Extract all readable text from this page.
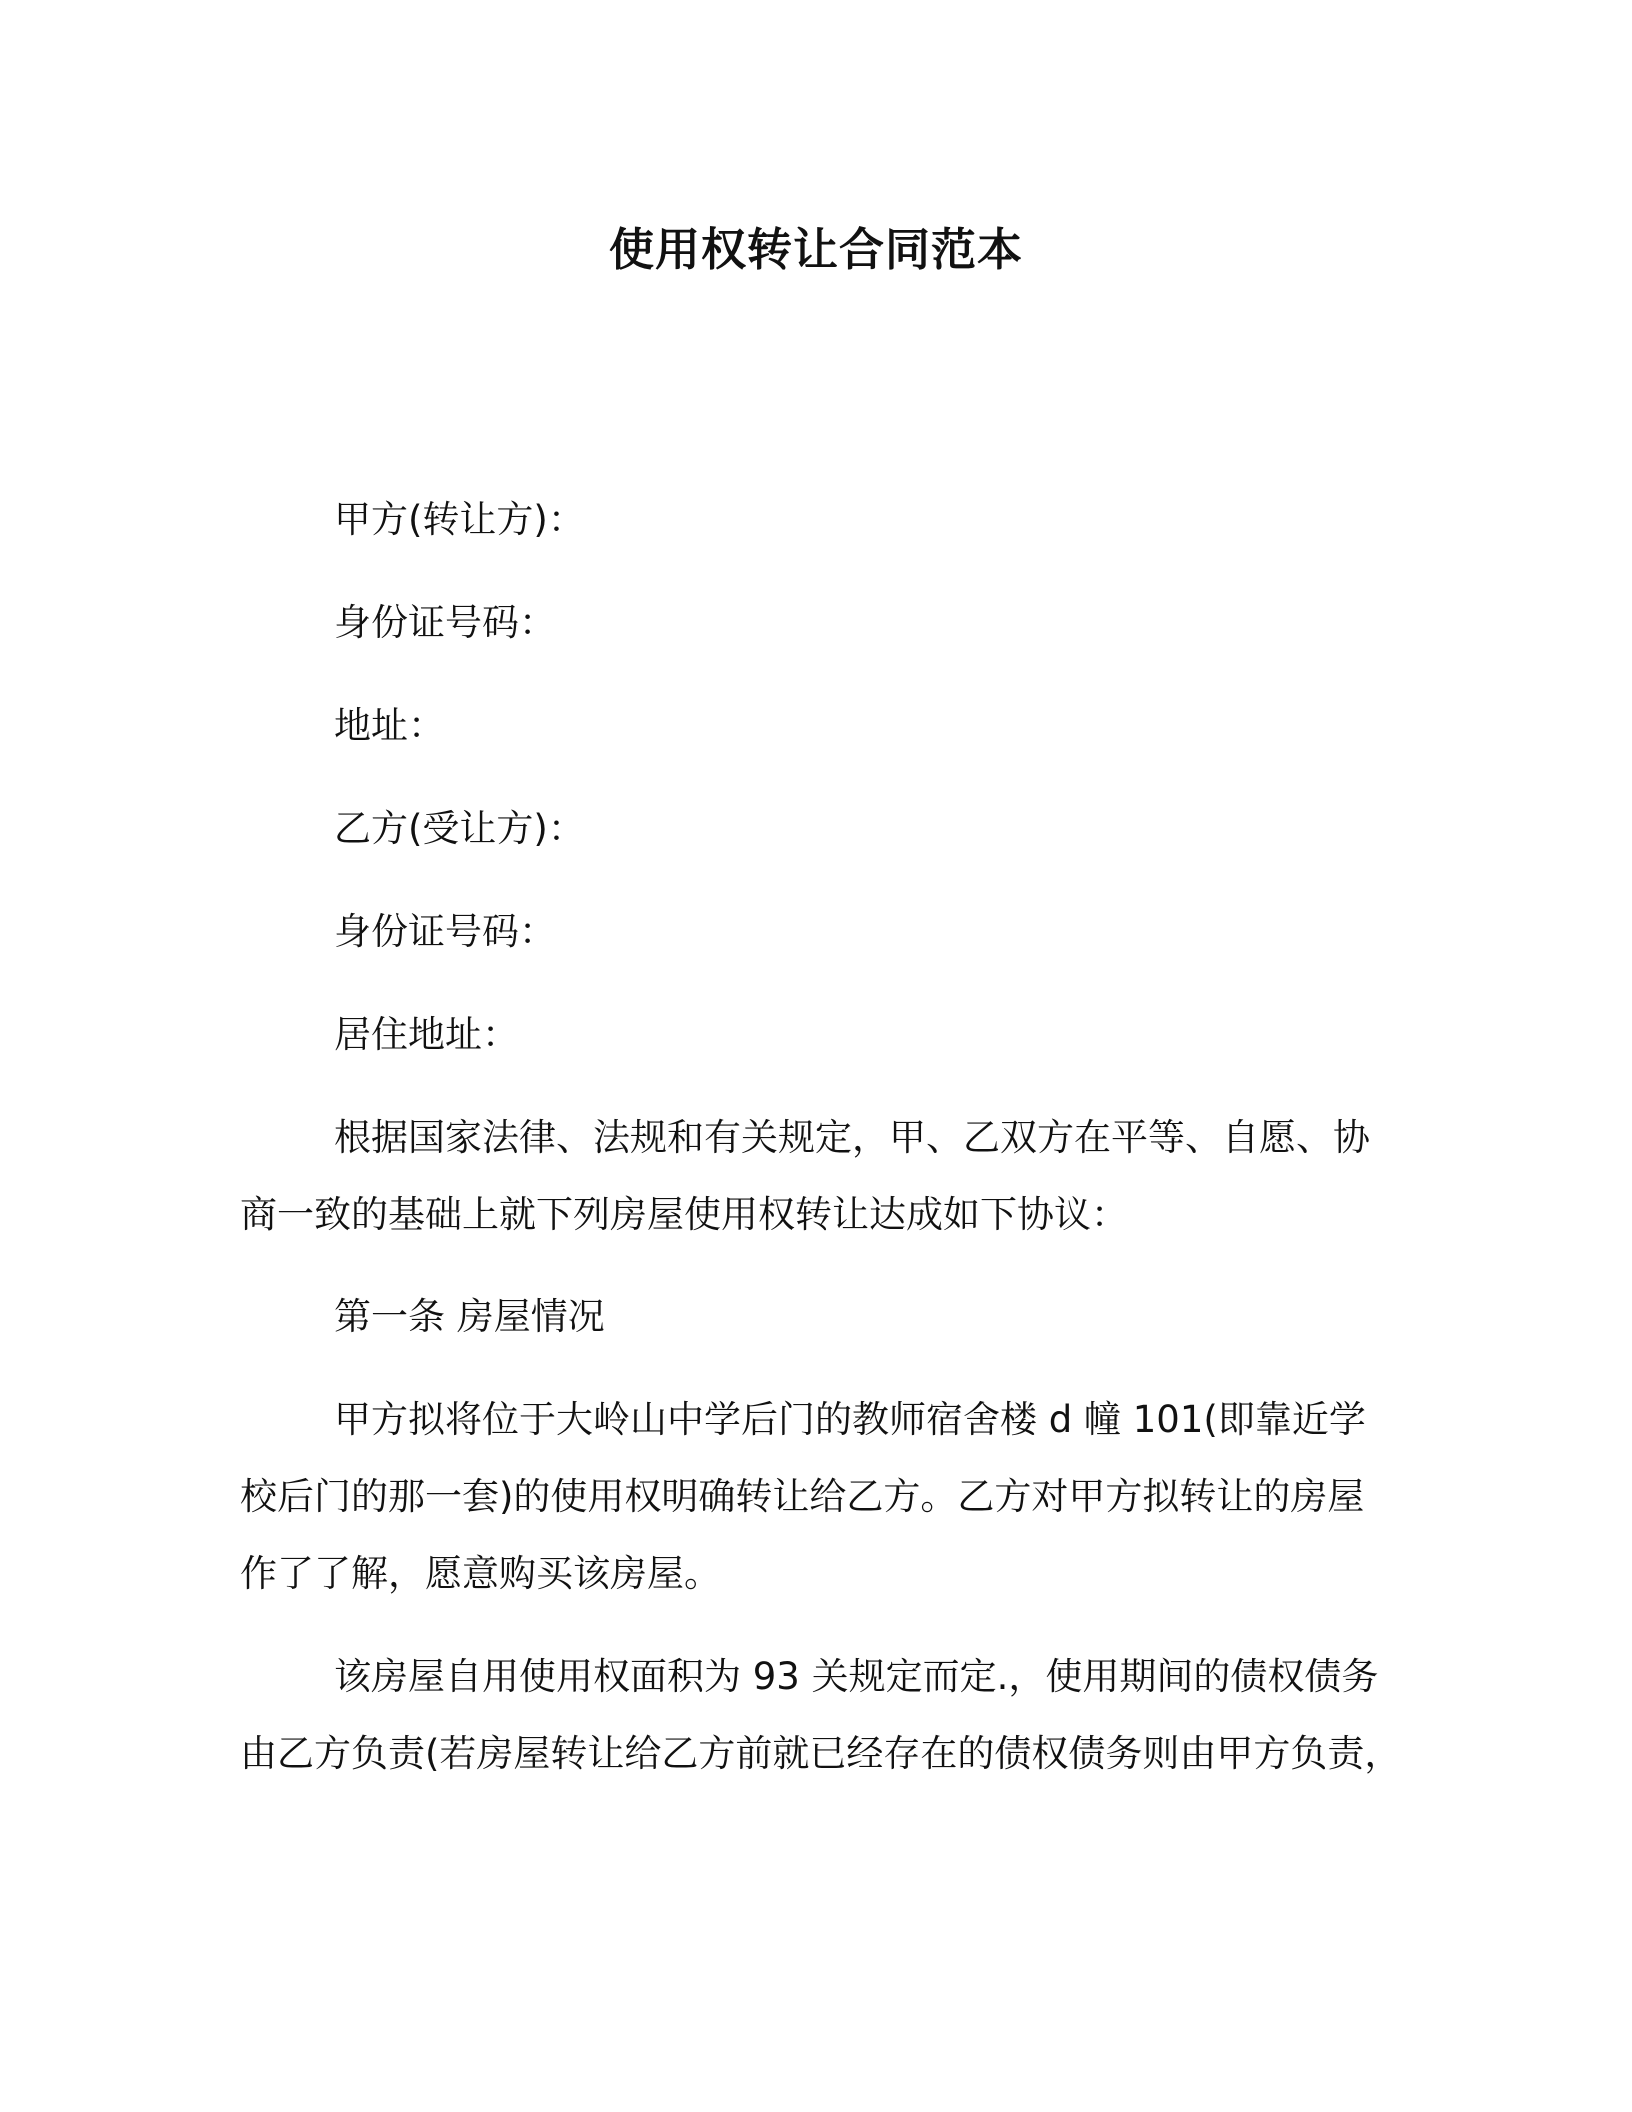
使用权转让合同范本

甲方(转让方)：

身份证号码：

地址：

乙方(受让方)：

身份证号码：

居住地址：

根据国家法律、法规和有关规定，甲、乙双方在平等、自愿、协

商一致的基础上就下列房屋使用权转让达成如下协议：

第一条 房屋情况

甲方拟将位于大岭山中学后门的教师宿舍楼 d 幢 101(即靠近学

校后门的那一套)的使用权明确转让给乙方。乙方对甲方拟转让的房屋

作了了解，愿意购买该房屋。

该房屋自用使用权面积为 93 关规定而定.，使用期间的债权债务

由乙方负责(若房屋转让给乙方前就已经存在的债权债务则由甲方负责，
